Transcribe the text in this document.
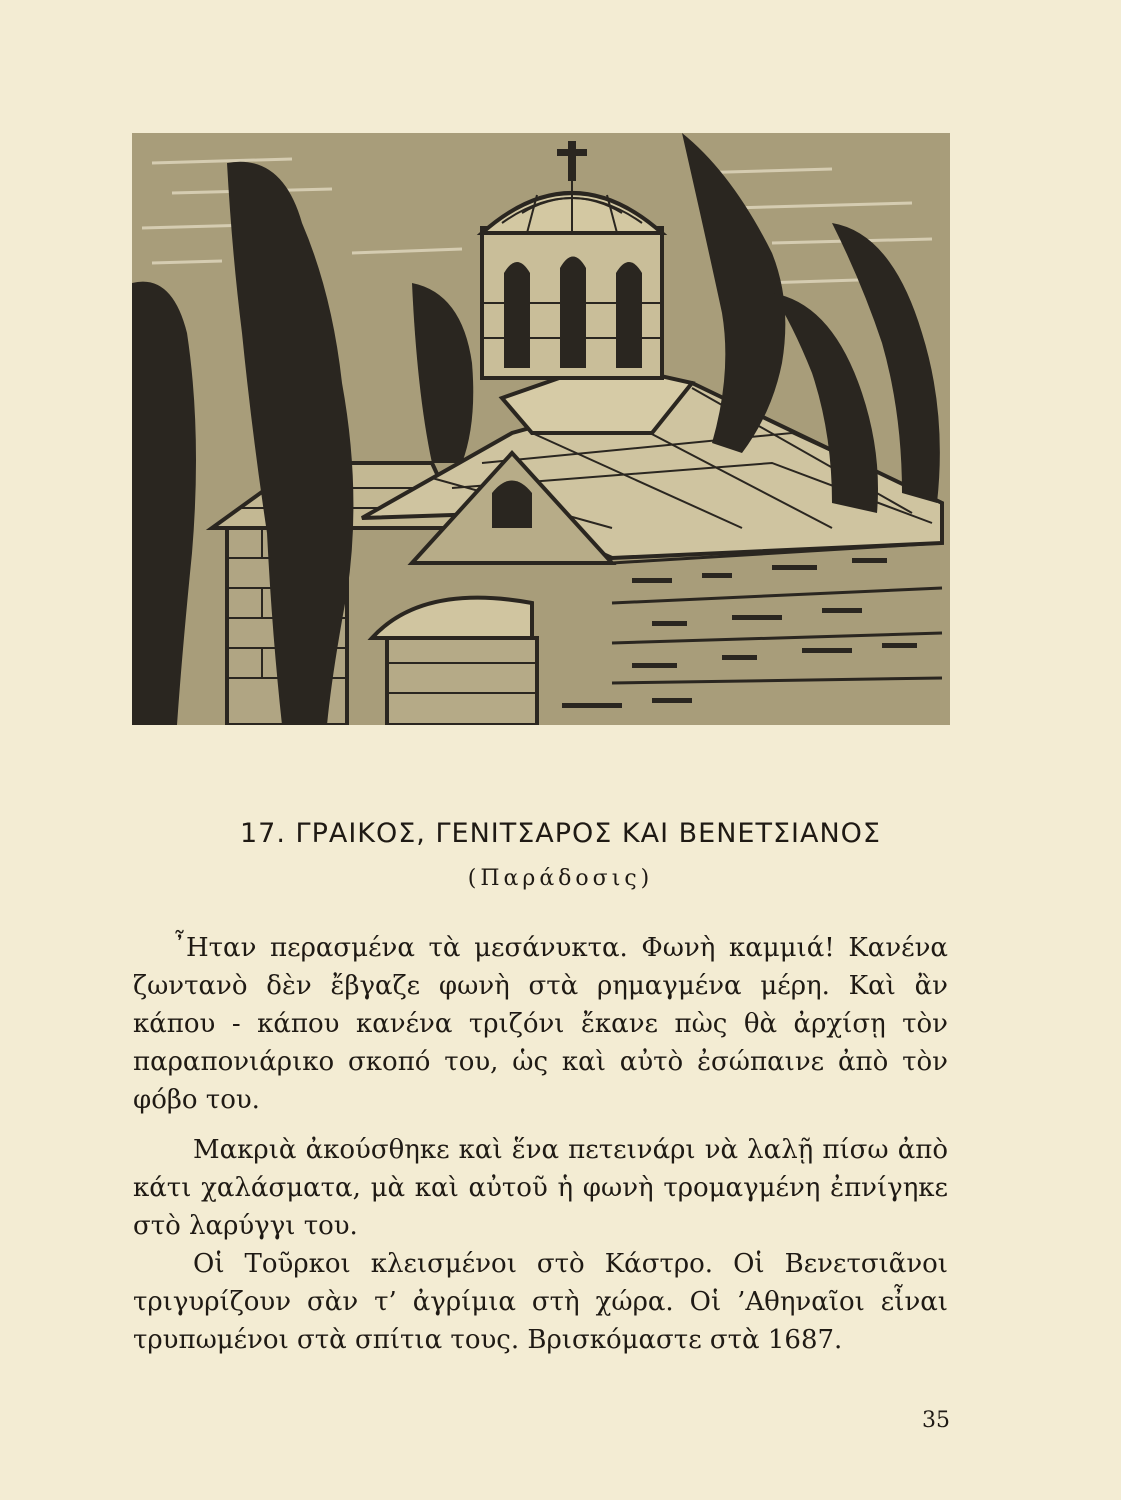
17. ΓΡΑΙΚΟΣ, ΓΕΝΙΤΣΑΡΟΣ ΚΑΙ ΒΕΝΕΤΣΙΑΝΟΣ
(Παράδοσις)

῏Ηταν περασμένα τὰ μεσάνυκτα. Φωνὴ καμμιά! Κανένα ζωντανὸ δὲν ἔβγαζε φωνὴ στὰ ρημαγμένα μέρη. Καὶ ἂν κάπου - κάπου κανένα τριζόνι ἔκανε πὼς θὰ ἀρχίσῃ τὸν παραπονιάρικο σκοπό του, ὡς καὶ αὐτὸ ἐσώπαινε ἀπὸ τὸν φόβο του.

Μακριὰ ἀκούσθηκε καὶ ἕνα πετεινάρι νὰ λαλῇ πίσω ἀπὸ κάτι χαλάσματα, μὰ καὶ αὐτοῦ ἡ φωνὴ τρομαγμένη ἐπνίγηκε στὸ λαρύγγι του.

Οἱ Τοῦρκοι κλεισμένοι στὸ Κάστρο. Οἱ Βενετσιᾶνοι τριγυρίζουν σὰν τ’ ἀγρίμια στὴ χώρα. Οἱ ’Αθηναῖοι εἶναι τρυπωμένοι στὰ σπίτια τους. Βρισκόμαστε στὰ 1687.

35
